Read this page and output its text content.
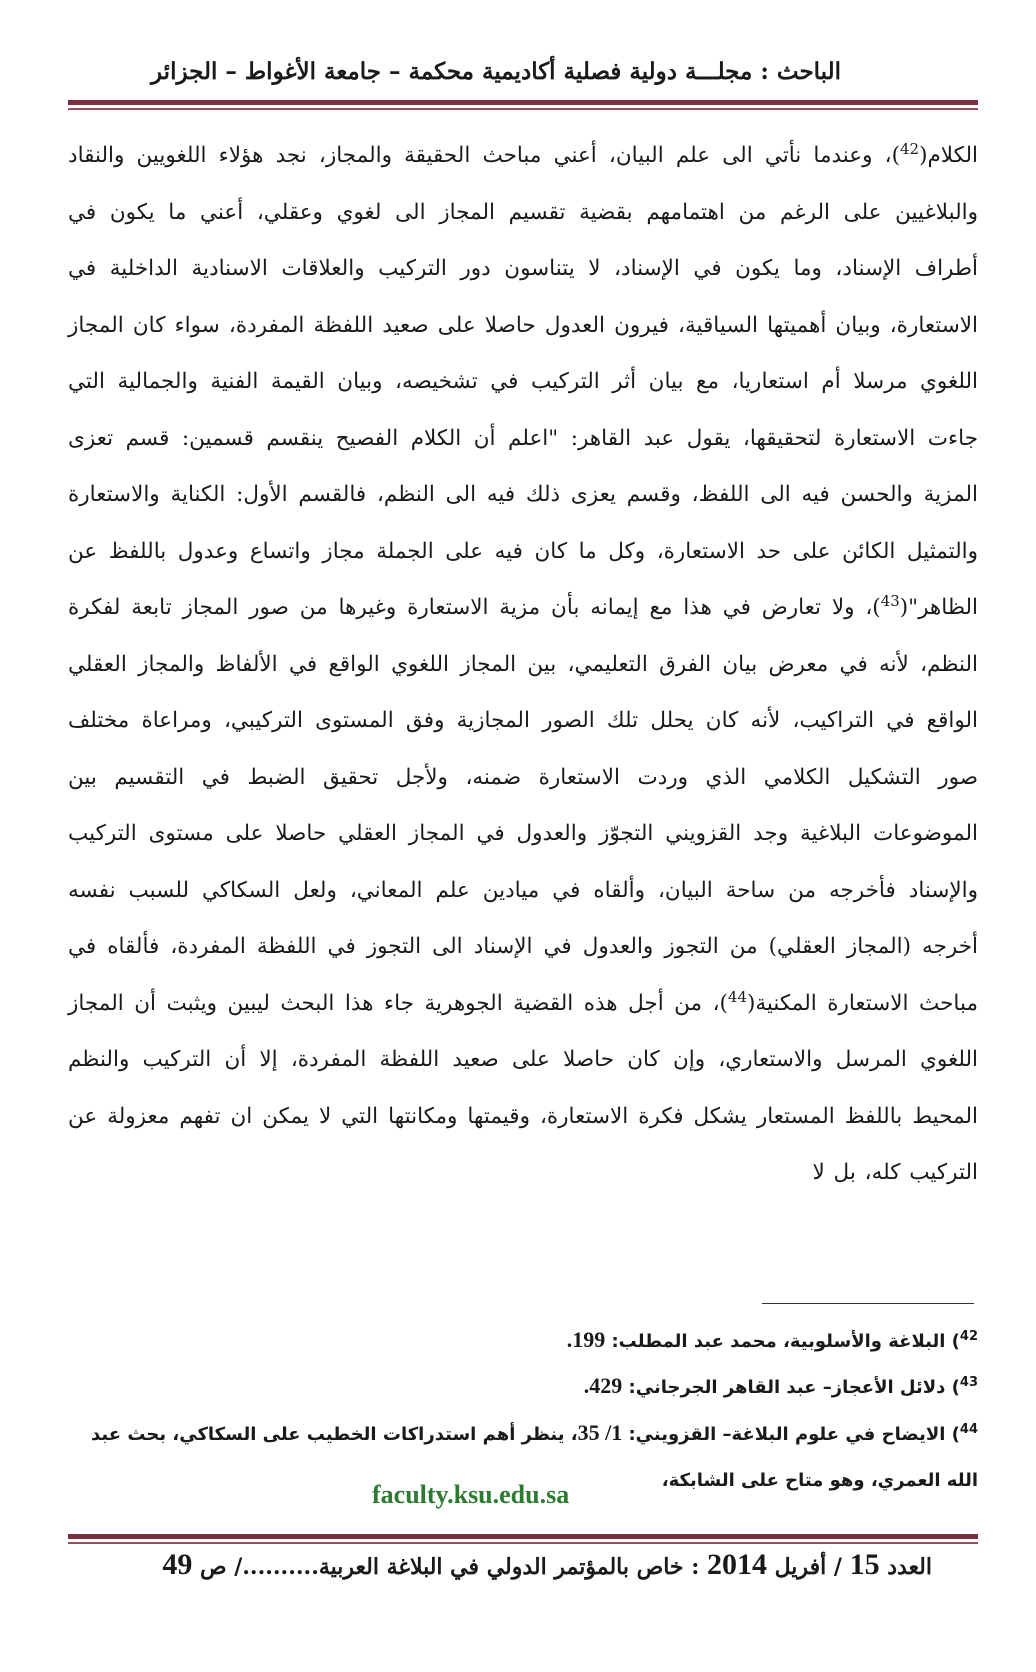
الباحث : مجلـــة دولية فصلية أكاديمية محكمة – جامعة الأغواط – الجزائر

الكلام($^{42}$)، وعندما نأتي الى علم البيان، أعني مباحث الحقيقة والمجاز، نجد هؤلاء اللغويين والنقاد والبلاغيين على الرغم من اهتمامهم بقضية تقسيم المجاز الى لغوي وعقلي، أعني ما يكون في أطراف الإسناد، وما يكون في الإسناد، لا يتناسون دور التركيب والعلاقات الاسنادية الداخلية في الاستعارة، وبيان أهميتها السياقية، فيرون العدول حاصلا على صعيد اللفظة المفردة، سواء كان المجاز اللغوي مرسلا أم استعاريا، مع بيان أثر التركيب في تشخيصه، وبيان القيمة الفنية والجمالية التي جاءت الاستعارة لتحقيقها، يقول عبد القاهر: "اعلم أن الكلام الفصيح ينقسم قسمين: قسم تعزى المزية والحسن فيه الى اللفظ، وقسم يعزى ذلك فيه الى النظم، فالقسم الأول: الكناية والاستعارة والتمثيل الكائن على حد الاستعارة، وكل ما كان فيه على الجملة مجاز واتساع وعدول باللفظ عن الظاهر"($^{43}$)، ولا تعارض في هذا مع إيمانه بأن مزية الاستعارة وغيرها من صور المجاز تابعة لفكرة النظم، لأنه في معرض بيان الفرق التعليمي، بين المجاز اللغوي الواقع في الألفاظ والمجاز العقلي الواقع في التراكيب، لأنه كان يحلل تلك الصور المجازية وفق المستوى التركيبي، ومراعاة مختلف صور التشكيل الكلامي الذي وردت الاستعارة ضمنه، ولأجل تحقيق الضبط في التقسيم بين الموضوعات البلاغية وجد القزويني التجوّز والعدول في المجاز العقلي حاصلا على مستوى التركيب والإسناد فأخرجه من ساحة البيان، وألقاه في ميادين علم المعاني، ولعل السكاكي للسبب نفسه أخرجه (المجاز العقلي) من التجوز والعدول في الإسناد الى التجوز في اللفظة المفردة، فألقاه في مباحث الاستعارة المكنية($^{44}$)، من أجل هذه القضية الجوهرية جاء هذا البحث ليبين ويثبت أن المجاز اللغوي المرسل والاستعاري، وإن كان حاصلا على صعيد اللفظة المفردة، إلا أن التركيب والنظم المحيط باللفظ المستعار يشكل فكرة الاستعارة، وقيمتها ومكانتها التي لا يمكن ان تفهم معزولة عن التركيب كله، بل لا

$^{42}$) البلاغة والأسلوبية، محمد عبد المطلب: 199.

$^{43}$) دلائل الأعجاز– عبد القاهر الجرجاني: 429.

$^{44}$) الايضاح في علوم البلاغة– القزويني: 1/ 35، ينظر أهم استدراكات الخطيب على السكاكي، بحث عبد الله العمري، وهو متاح على الشابكة،

faculty.ksu.edu.sa
العدد 15 / أفريل 2014 : خاص بالمؤتمر الدولي في البلاغة العربية........../ ص 49
